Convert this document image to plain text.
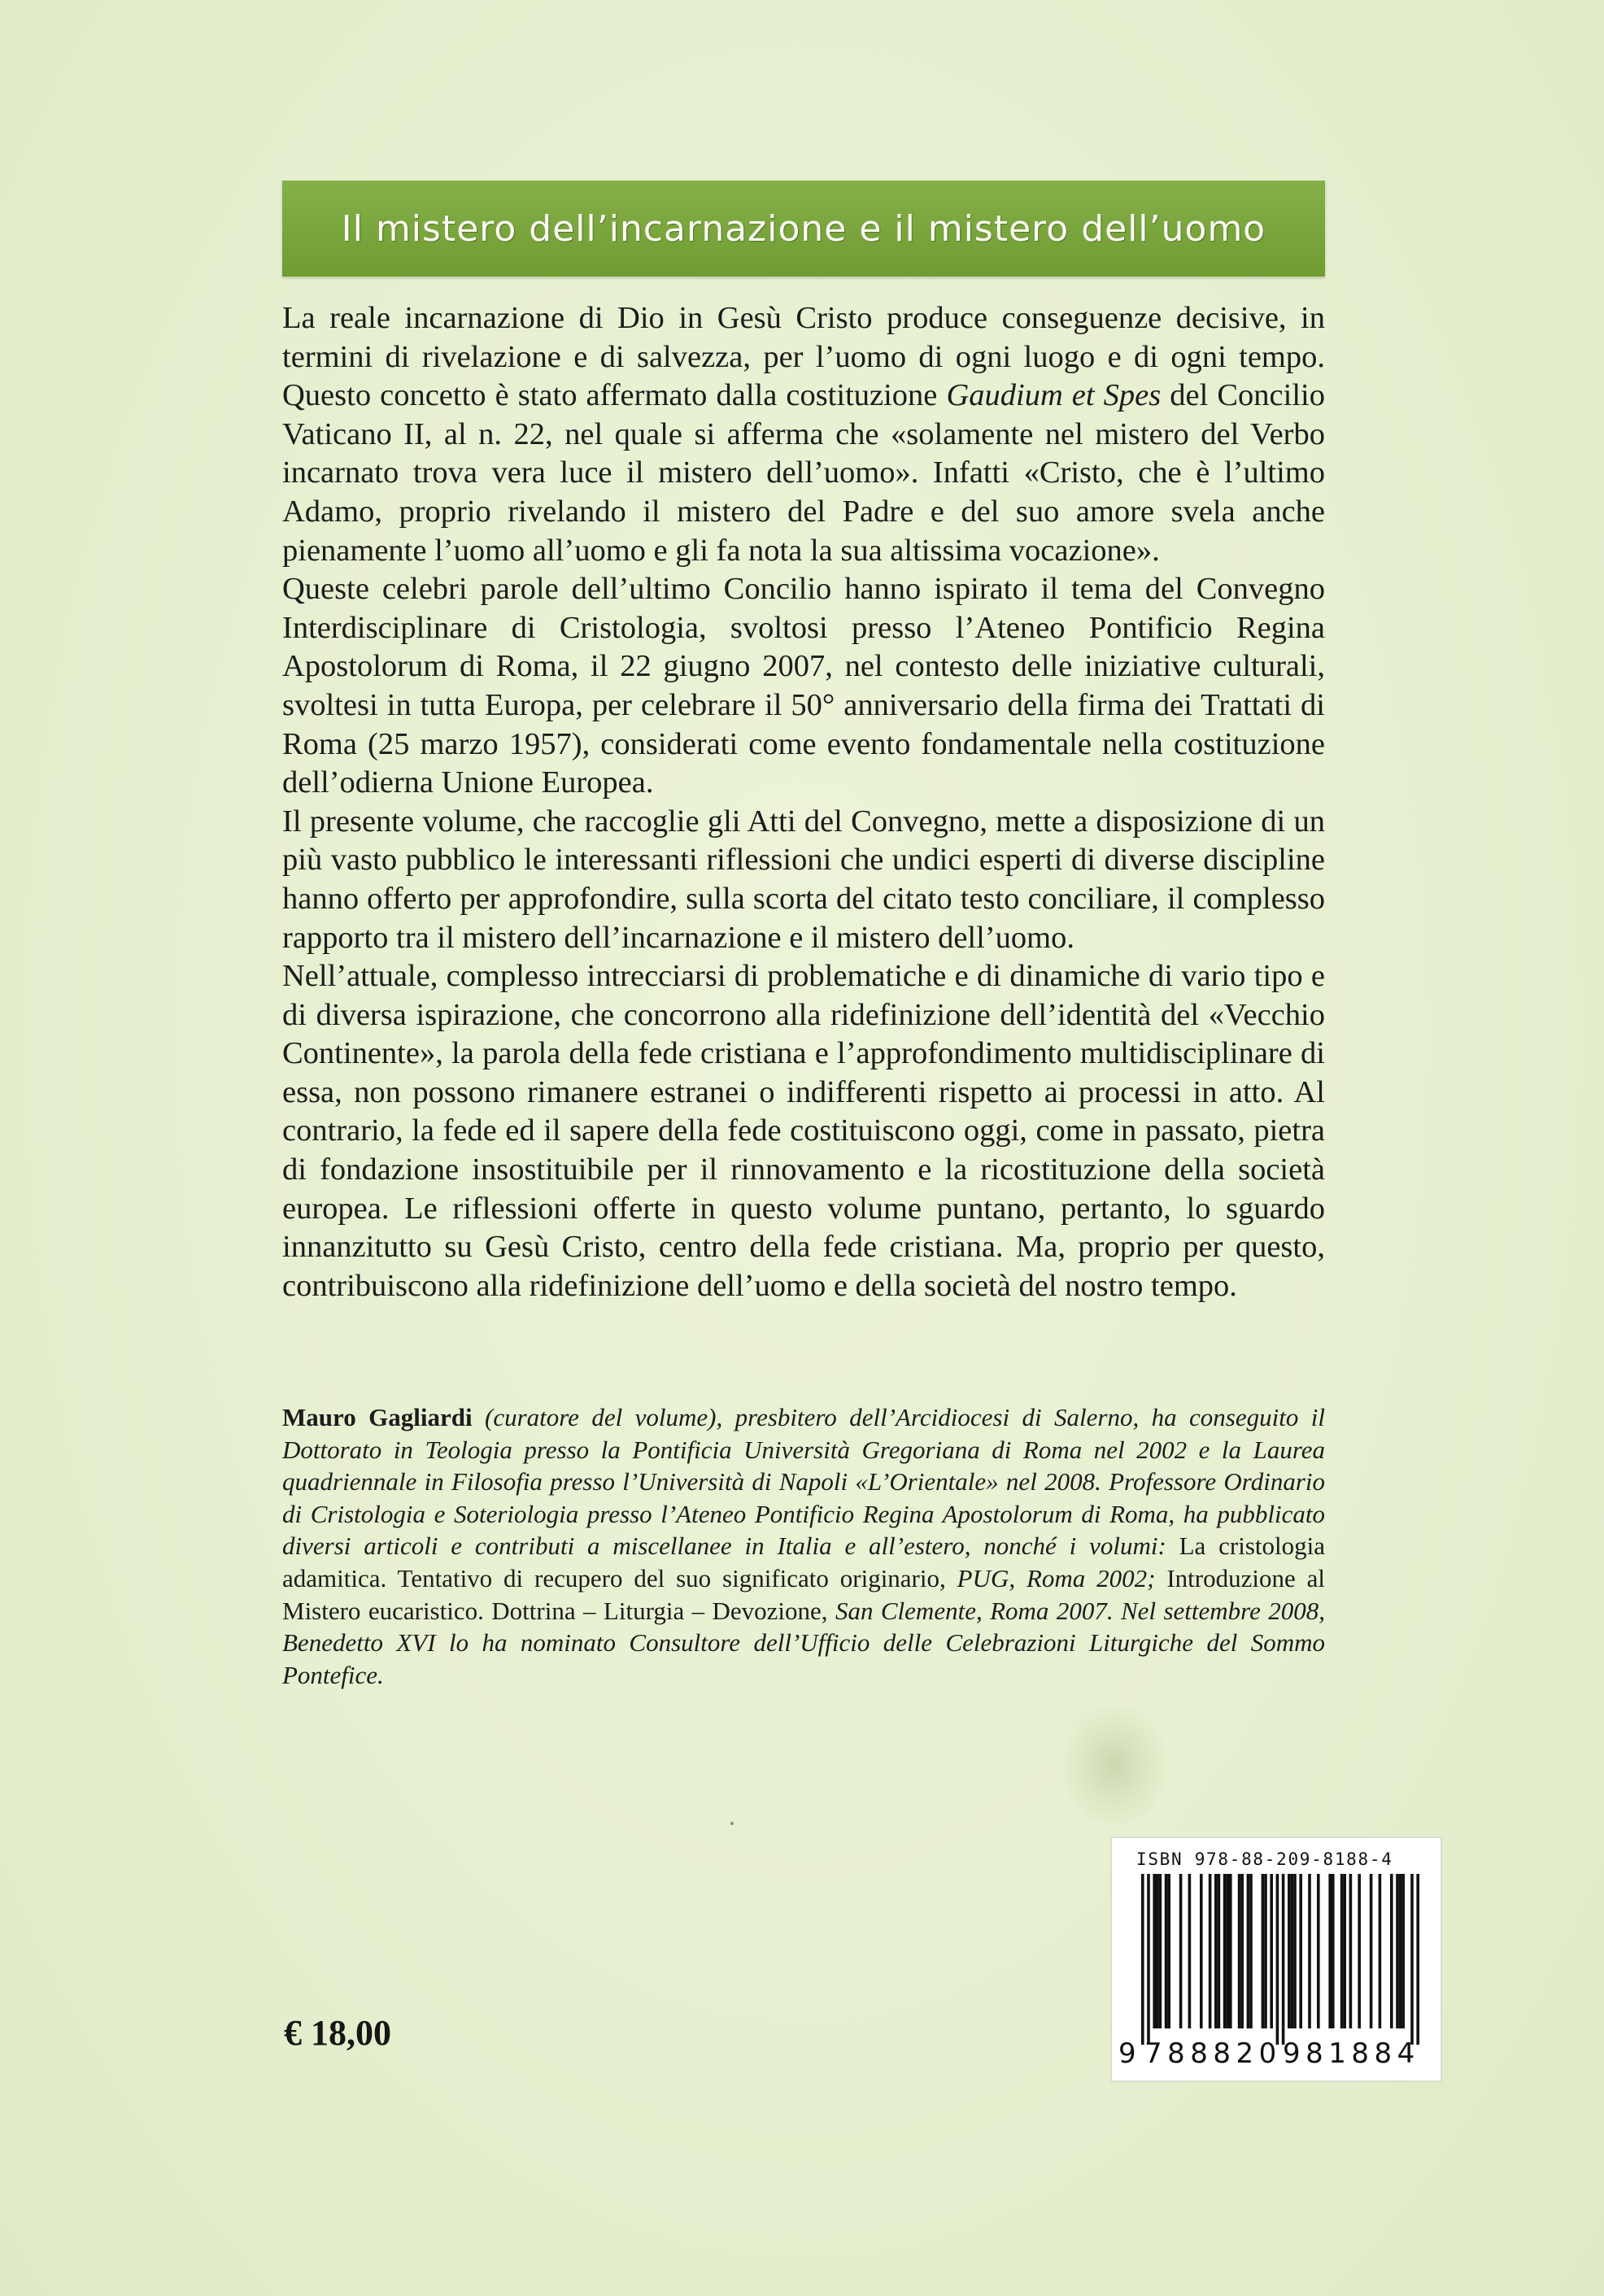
Il mistero dell’incarnazione e il mistero dell’uomo

La reale incarnazione di Dio in Gesù Cristo produce conseguenze decisive, in termini di rivelazione e di salvezza, per l’uomo di ogni luogo e di ogni tempo. Questo concetto è stato affermato dalla costituzione Gaudium et Spes del Concilio Vaticano II, al n. 22, nel quale si afferma che «solamente nel mistero del Verbo incarnato trova vera luce il mistero dell’uomo». Infatti «Cristo, che è l’ultimo Adamo, proprio rivelando il mistero del Padre e del suo amore svela anche pienamente l’uomo all’uomo e gli fa nota la sua altissima vocazione».

Queste celebri parole dell’ultimo Concilio hanno ispirato il tema del Convegno Interdisciplinare di Cristologia, svoltosi presso l’Ateneo Pontificio Regina Apostolorum di Roma, il 22 giugno 2007, nel contesto delle iniziative culturali, svoltesi in tutta Europa, per celebrare il 50° anniversario della firma dei Trattati di Roma (25 marzo 1957), considerati come evento fondamentale nella costituzione dell’odierna Unione Europea.

Il presente volume, che raccoglie gli Atti del Convegno, mette a disposizione di un più vasto pubblico le interessanti riflessioni che undici esperti di diverse discipline hanno offerto per approfondire, sulla scorta del citato testo conciliare, il complesso rapporto tra il mistero dell’incarnazione e il mistero dell’uomo.

Nell’attuale, complesso intrecciarsi di problematiche e di dinamiche di vario tipo e di diversa ispirazione, che concorrono alla ridefinizione dell’identità del «Vecchio Continente», la parola della fede cristiana e l’approfondimento multidisciplinare di essa, non possono rimanere estranei o indifferenti rispetto ai processi in atto. Al contrario, la fede ed il sapere della fede costituiscono oggi, come in passato, pietra di fondazione insostituibile per il rinnovamento e la ricostituzione della società europea. Le riflessioni offerte in questo volume puntano, pertanto, lo sguardo innanzitutto su Gesù Cristo, centro della fede cristiana. Ma, proprio per questo, contribuiscono alla ridefinizione dell’uomo e della società del nostro tempo.

Mauro Gagliardi (curatore del volume), presbitero dell’Arcidiocesi di Salerno, ha conseguito il Dottorato in Teologia presso la Pontificia Università Gregoriana di Roma nel 2002 e la Laurea quadriennale in Filosofia presso l’Università di Napoli «L’Orientale» nel 2008. Professore Ordinario di Cristologia e Soteriologia presso l’Ateneo Pontificio Regina Apostolorum di Roma, ha pubblicato diversi articoli e contributi a miscellanee in Italia e all’estero, nonché i volumi: La cristologia adamitica. Tentativo di recupero del suo significato originario, PUG, Roma 2002; Introduzione al Mistero eucaristico. Dottrina – Liturgia – Devozione, San Clemente, Roma 2007. Nel settembre 2008, Benedetto XVI lo ha nominato Consultore dell’Ufficio delle Celebrazioni Liturgiche del Sommo Pontefice.

€ 18,00
ISBN 978-88-209-8188-4
9 788820 981884
